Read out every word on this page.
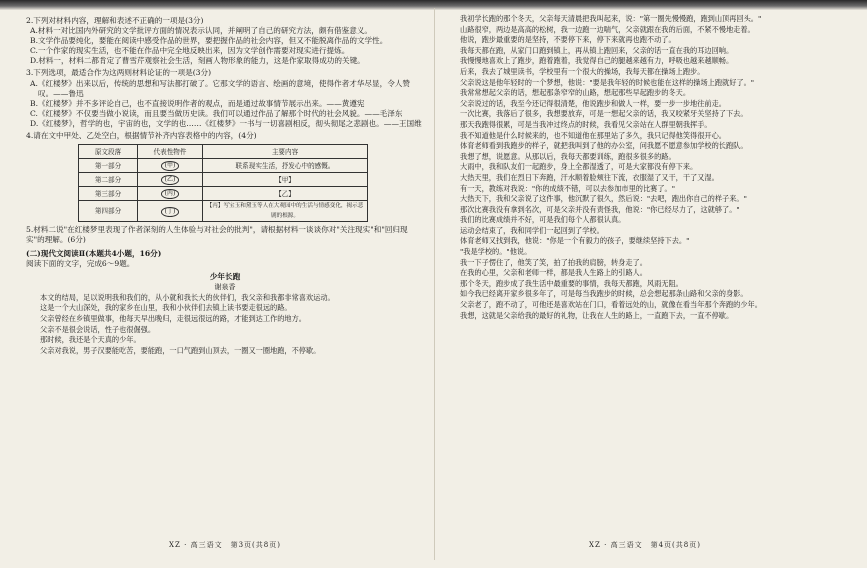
2.下列对材料内容，理解和表述不正确的一项是(3分)

A.材料一对比国内外研究的文学批评方面的情况表示认同，并阐明了自己的研究方法，颇有借鉴意义。

B.文学作品要纯化，要能在阅读中感受作品的世界，要把握作品的社会内容，但又不能脱离作品的文学性。

C.一个作家的现实生活，也不能在作品中完全地反映出来，因为文学创作需要对现实进行提炼。

D.材料一，材料二都肯定了曹雪芹观察社会生活，刻画人物形象的能力，这是作家取得成功的关键。

3.下列选项，最适合作为这两则材料论证的一项是(3分)

A.《红楼梦》出来以后，传统的思想和写法都打破了。它那文学的语言、绘画的意境，使得作者才华尽显，令人赞叹。——鲁迅

B.《红楼梦》并不多评论自己，也不直接说明作者的观点，而是通过故事情节展示出来。——黄遵宪

C.《红楼梦》不仅要当做小说读，而且要当做历史读。我们可以通过作品了解那个时代的社会风貌。——毛泽东

D.《红楼梦》，哲学的也，宇宙的也，文学的也……《红楼梦》一书与一切喜剧相反，彻头彻尾之悲剧也。——王国维

4.请在文中甲处、乙处空白，根据情节补齐内容表格中的内容，(4分)

原文段落	代表性物件	主要内容
第一部分	(甲)	联系现实生活，抒发心中的感慨。
第二部分	(乙)	【甲】
第三部分	(丙)	【乙】
第四部分	(丁)	【丙】写宝玉和黛玉等人在大观园中的生活与情感变化，揭示悲剧的根源。

5.材料二说"在红楼梦里表现了作者深刻的人生体验与对社会的批判"，请根据材料一谈谈你对"关注现实"和"回归现实"的理解。(6分)

(二)现代文阅读Ⅱ(本题共4小题，16分)

阅读下面的文字，完成6～9题。

少年长跑

谢泉香

本文的结局，足以说明我和我们的，从小就和我长大的伙伴们，我父亲和我都非常喜欢运动。

这是一个大山深处，我的家乡在山里，我和小伙伴们去镇上读书要走很远的路。

父亲曾经在乡镇里做事，他每天早出晚归，走很远很远的路，才能到达工作的地方。

父亲不是很会说话，性子也很倔强。

那时候，我还是个天真的少年。

父亲对我说，男子汉要能吃苦，要能跑，一口气跑到山顶去，一圈又一圈地跑，不停歇。

XZ · 高三语文　第3页(共8页)

我初学长跑的那个冬天，父亲每天清晨把我叫起来，说："第一圈先慢慢跑，跑到山顶再回头。"

山路很窄，两边是高高的松树，我一边跑一边喘气，父亲就跟在我的后面，不紧不慢地走着。

他说，跑步最重要的是坚持，不要停下来，停下来就再也跑不动了。

我每天都在跑，从家门口跑到镇上，再从镇上跑回来，父亲的话一直在我的耳边回响。

我慢慢地喜欢上了跑步，跑着跑着，我觉得自己的腿越来越有力，呼吸也越来越顺畅。

后来，我去了城里读书，学校里有一个很大的操场，我每天都在操场上跑步。

父亲说这是他年轻时的一个梦想，他说："要是我年轻的时候也能在这样的操场上跑就好了。"

我常常想起父亲的话，想起那条窄窄的山路，想起那些早起跑步的冬天。

父亲说过的话，我至今还记得很清楚，他说跑步和做人一样，要一步一步地往前走。

一次比赛，我落后了很多，我想要放弃，可是一想起父亲的话，我又咬紧牙关坚持了下去。

那天我跑得很累，可是当我冲过终点的时候，我看见父亲站在人群里朝我挥手。

我不知道他是什么时候来的，也不知道他在那里站了多久，我只记得他笑得很开心。

体育老师看到我跑步的样子，就把我叫到了他的办公室，问我愿不愿意参加学校的长跑队。

我想了想，说愿意。从那以后，我每天都要训练，跑很多很多的路。

大雨中，我和队友们一起跑步，身上全都湿透了，可是大家都没有停下来。

大热天里，我们在烈日下奔跑，汗水顺着脸颊往下流，衣服湿了又干，干了又湿。

有一天，教练对我说："你的成绩不错，可以去参加市里的比赛了。"

大热天下，我和父亲说了这件事，他沉默了很久，然后说："去吧，跑出你自己的样子来。"

那次比赛我没有拿到名次，可是父亲并没有责怪我，他说："你已经尽力了，这就够了。"

我们的比赛成绩并不好，可是我们每个人都很认真。

运动会结束了，我和同学们一起回到了学校。

体育老师又找到我，他说："你是一个有毅力的孩子，要继续坚持下去。"

"我是学校的。"他说。

我一下子愣住了，他笑了笑，拍了拍我的肩膀，转身走了。

在我的心里，父亲和老师一样，都是我人生路上的引路人。

那个冬天，跑步成了我生活中最重要的事情，我每天都跑，风雨无阻。

如今我已经离开家乡很多年了，可是每当我跑步的时候，总会想起那条山路和父亲的身影。

父亲老了，跑不动了，可他还是喜欢站在门口，看着远处的山，就像在看当年那个奔跑的少年。

我想，这就是父亲给我的最好的礼物，让我在人生的路上，一直跑下去，一直不停歇。

XZ · 高三语文　第4页(共8页)
